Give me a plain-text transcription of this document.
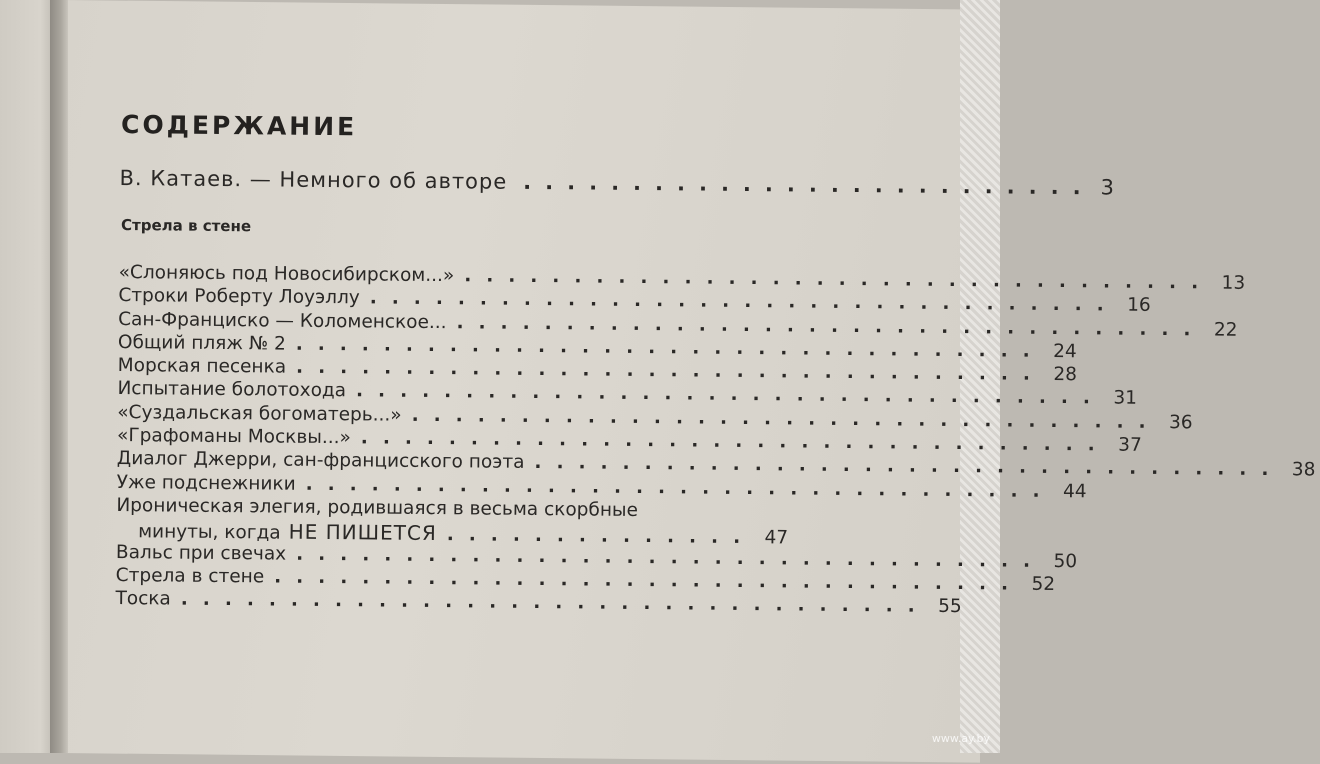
СОДЕРЖАНИЕ
В. Катаев. — Немного об авторе .......................... 3
Стрела в стене
«Слоняюсь под Новосибирском...» .................................. 13
Строки Роберту Лоуэллу .................................. 16
Сан-Франциско — Коломенское... .................................. 22
Общий пляж № 2 .................................. 24
Морская песенка .................................. 28
Испытание болотохода .................................. 31
«Суздальская богоматерь...» .................................. 36
«Графоманы Москвы...» .................................. 37
Диалог Джерри, сан-францисского поэта .................................. 38
Уже подснежники .................................. 44
Ироническая элегия, родившаяся в весьма скорбные
минуты, когда НЕ ПИШЕТСЯ .............. 47
Вальс при свечах .................................. 50
Стрела в стене .................................. 52
Тоска .................................. 55
www.ay.by
